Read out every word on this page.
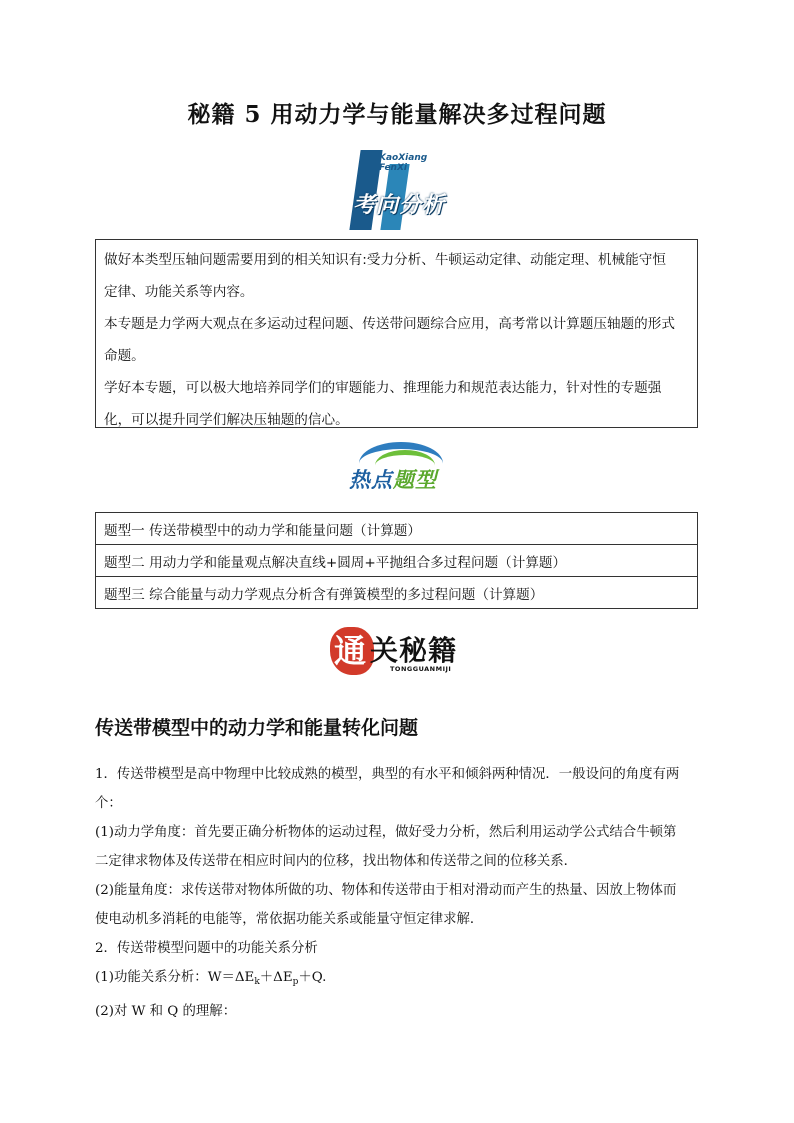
秘籍 5 用动力学与能量解决多过程问题
KaoXiang
FenXi
考向分析

做好本类型压轴问题需要用到的相关知识有:受力分析、牛顿运动定律、动能定理、机械能守恒

定律、功能关系等内容。

本专题是力学两大观点在多运动过程问题、传送带问题综合应用，高考常以计算题压轴题的形式

命题。

学好本专题，可以极大地培养同学们的审题能力、推理能力和规范表达能力，针对性的专题强

化，可以提升同学们解决压轴题的信心。

热点题型
题型一 传送带模型中的动力学和能量问题（计算题）
题型二 用动力学和能量观点解决直线+圆周+平抛组合多过程问题（计算题）
题型三 综合能量与动力学观点分析含有弹簧模型的多过程问题（计算题）
通 关秘籍
TONGGUANMIJI
传送带模型中的动力学和能量转化问题

1．传送带模型是高中物理中比较成熟的模型，典型的有水平和倾斜两种情况．一般设问的角度有两

个：

(1)动力学角度：首先要正确分析物体的运动过程，做好受力分析，然后利用运动学公式结合牛顿第

二定律求物体及传送带在相应时间内的位移，找出物体和传送带之间的位移关系．

(2)能量角度：求传送带对物体所做的功、物体和传送带由于相对滑动而产生的热量、因放上物体而

使电动机多消耗的电能等，常依据功能关系或能量守恒定律求解．

2．传送带模型问题中的功能关系分析

(1)功能关系分析：$W=\Delta E_k+\Delta E_p+Q$.

(2)对 W 和 Q 的理解：
